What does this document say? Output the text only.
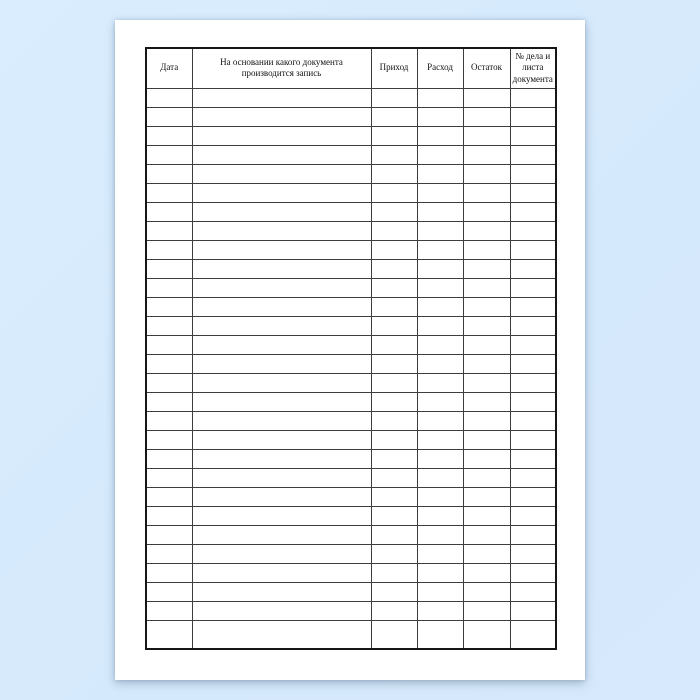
Дата	На основании какого документа производится запись	Приход	Расход	Остаток	№ дела и листа документа
